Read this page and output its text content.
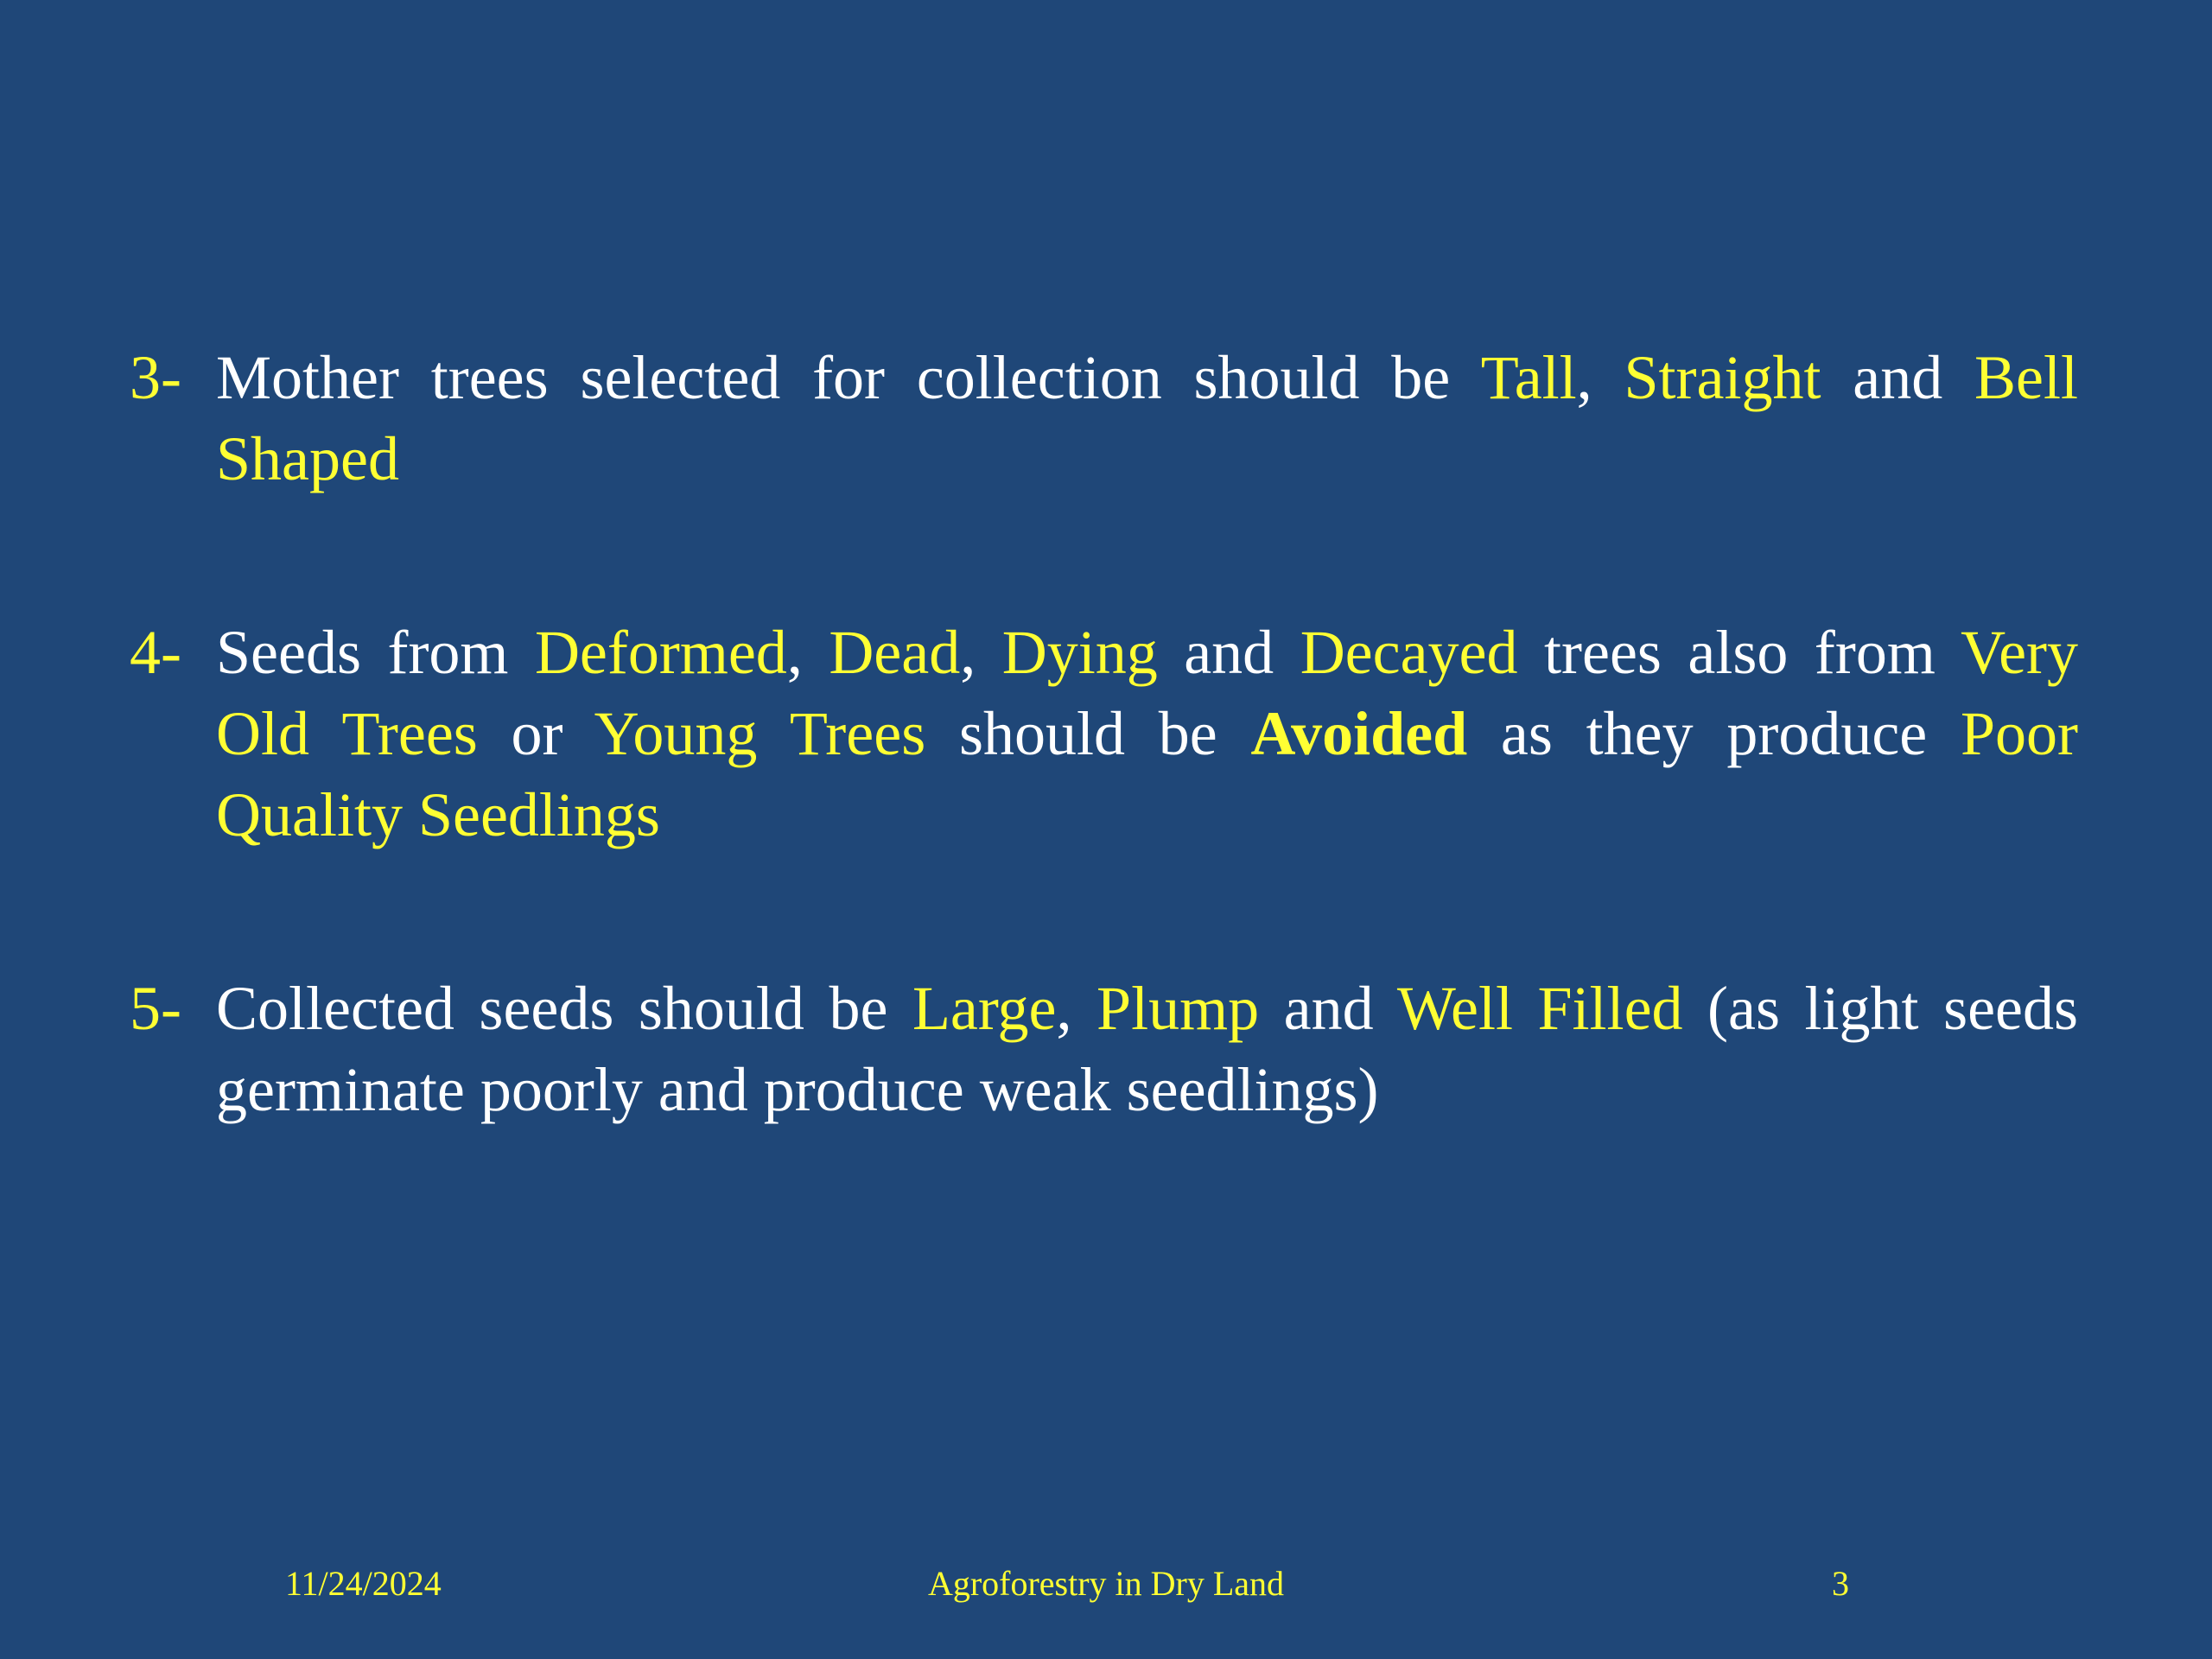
3- Mother trees selected for collection should be Tall, Straight and Bell Shaped

4- Seeds from Deformed, Dead, Dying and Decayed trees also from Very Old Trees or Young Trees should be Avoided as they produce Poor Quality Seedlings

5- Collected seeds should be Large, Plump and Well Filled (as light seeds germinate poorly and produce weak seedlings)

11/24/2024	Agroforestry in Dry Land	3
